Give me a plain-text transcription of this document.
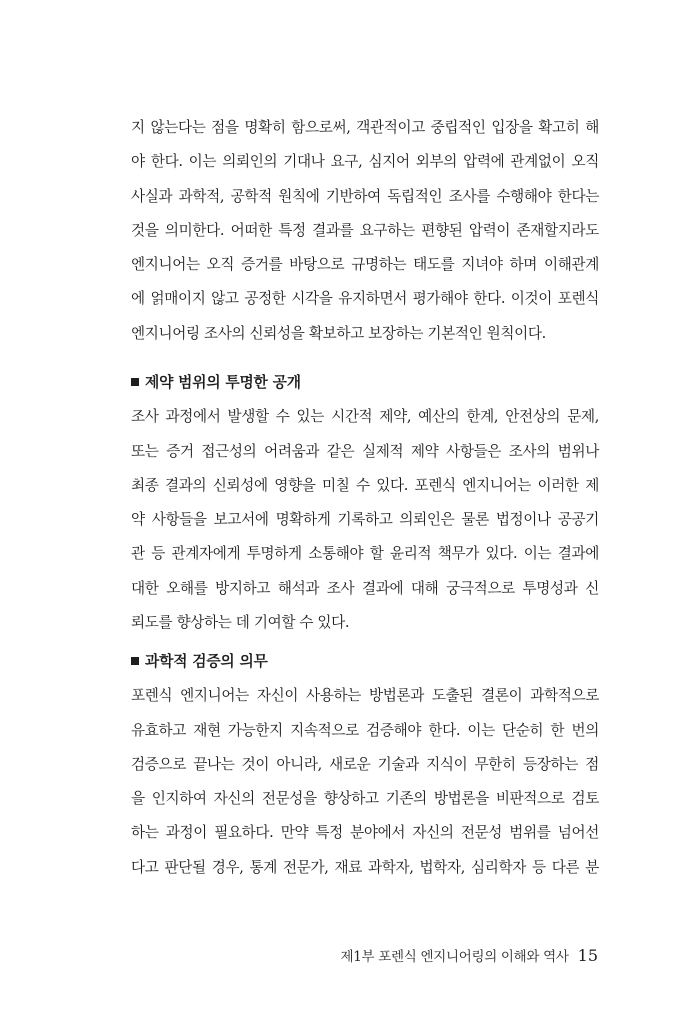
지 않는다는 점을 명확히 함으로써, 객관적이고 중립적인 입장을 확고히 해
야 한다. 이는 의뢰인의 기대나 요구, 심지어 외부의 압력에 관계없이 오직
사실과 과학적, 공학적 원칙에 기반하여 독립적인 조사를 수행해야 한다는
것을 의미한다. 어떠한 특정 결과를 요구하는 편향된 압력이 존재할지라도
엔지니어는 오직 증거를 바탕으로 규명하는 태도를 지녀야 하며 이해관계
에 얽매이지 않고 공정한 시각을 유지하면서 평가해야 한다. 이것이 포렌식
엔지니어링 조사의 신뢰성을 확보하고 보장하는 기본적인 원칙이다.
제약 범위의 투명한 공개
조사 과정에서 발생할 수 있는 시간적 제약, 예산의 한계, 안전상의 문제,
또는 증거 접근성의 어려움과 같은 실제적 제약 사항들은 조사의 범위나
최종 결과의 신뢰성에 영향을 미칠 수 있다. 포렌식 엔지니어는 이러한 제
약 사항들을 보고서에 명확하게 기록하고 의뢰인은 물론 법정이나 공공기
관 등 관계자에게 투명하게 소통해야 할 윤리적 책무가 있다. 이는 결과에
대한 오해를 방지하고 해석과 조사 결과에 대해 궁극적으로 투명성과 신
뢰도를 향상하는 데 기여할 수 있다.
과학적 검증의 의무
포렌식 엔지니어는 자신이 사용하는 방법론과 도출된 결론이 과학적으로
유효하고 재현 가능한지 지속적으로 검증해야 한다. 이는 단순히 한 번의
검증으로 끝나는 것이 아니라, 새로운 기술과 지식이 무한히 등장하는 점
을 인지하여 자신의 전문성을 향상하고 기존의 방법론을 비판적으로 검토
하는 과정이 필요하다. 만약 특정 분야에서 자신의 전문성 범위를 넘어선
다고 판단될 경우, 통계 전문가, 재료 과학자, 법학자, 심리학자 등 다른 분
제1부 포렌식 엔지니어링의 이해와 역사 15
